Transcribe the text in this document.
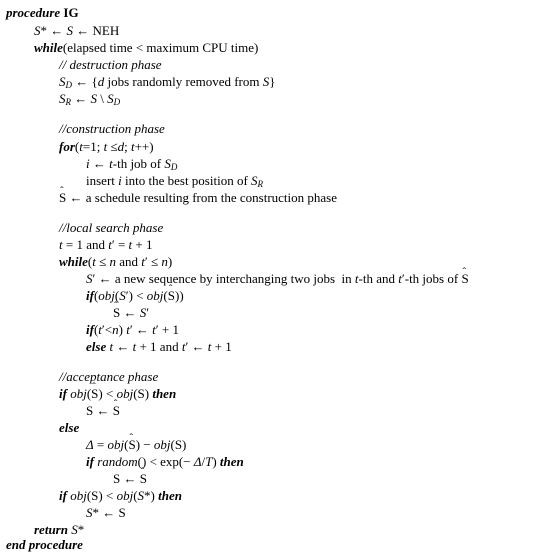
procedure IG
S* ← S ← NEH
while(elapsed time < maximum CPU time)
// destruction phase
$S_D$ ← {d jobs randomly removed from S}
$S_R$ ← S \ $S_D$
//construction phase
for(t=1; t ≤d; t++)
i ← t-th job of $S_D$
insert i into the best position of $S_R$
S ˆ ← a schedule resulting from the construction phase
//local search phase
t = 1 and t′ = t + 1
while(t ≤ n and t′ ≤ n)
S′ ← a new sequence by interchanging two jobs  in t-th and t′-th jobs of S ˆ
if(obj(S′) < obj(S ˆ))
S ˆ ← S′
if(t′<n) t′ ← t′ + 1
else t ← t + 1 and t′ ← t + 1
//acceptance phase
if obj(S ˆ) < obj(S) then
S ← S ˆ
else
Δ = obj(S ˆ) − obj(S)
if random() < exp(− Δ/T) then
S ← S ˆ
if obj(S) < obj(S*) then
S* ← S
return S*
end procedure
